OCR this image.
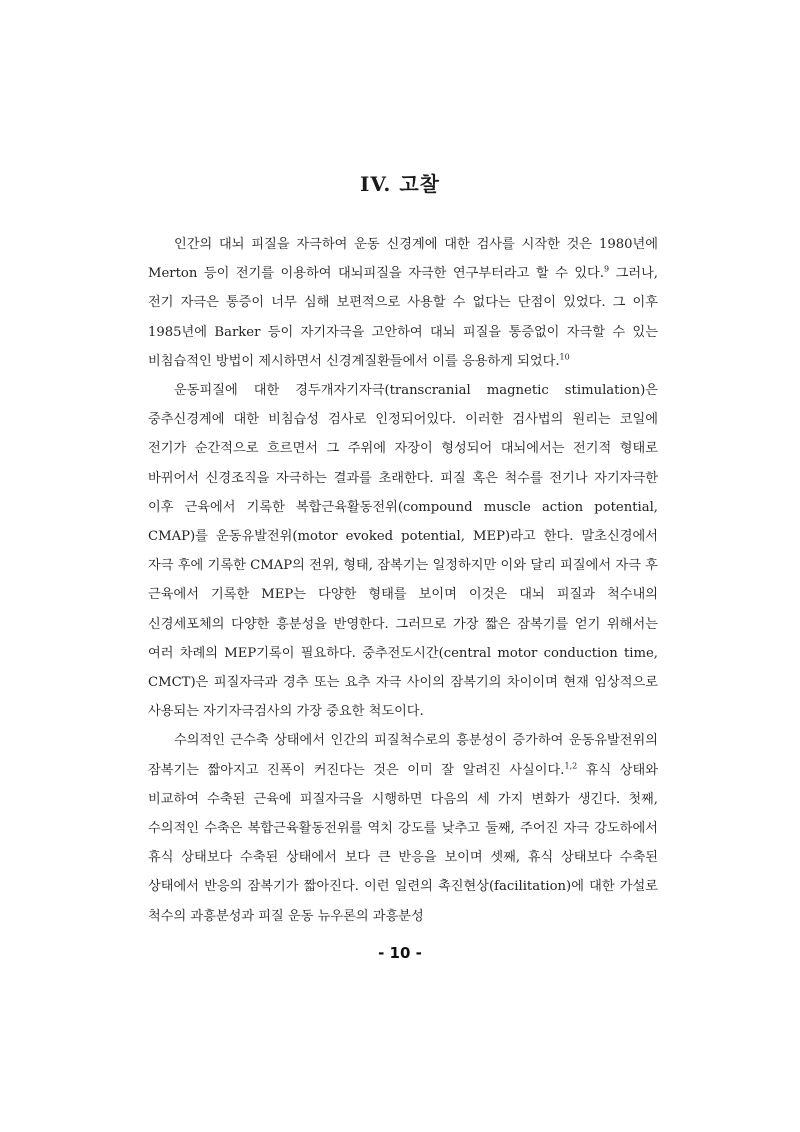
IV. 고찰

인간의 대뇌 피질을 자극하여 운동 신경계에 대한 검사를 시작한 것은 1980년에 Merton 등이 전기를 이용하여 대뇌피질을 자극한 연구부터라고 할 수 있다.$^9$ 그러나, 전기 자극은 통증이 너무 심해 보편적으로 사용할 수 없다는 단점이 있었다. 그 이후 1985년에 Barker 등이 자기자극을 고안하여 대뇌 피질을 통증없이 자극할 수 있는 비침습적인 방법이 제시하면서 신경계질환들에서 이를 응용하게 되었다.$^{10}$

운동피질에 대한 경두개자기자극(transcranial magnetic stimulation)은 중추신경계에 대한 비침습성 검사로 인정되어있다. 이러한 검사법의 원리는 코일에 전기가 순간적으로 흐르면서 그 주위에 자장이 형성되어 대뇌에서는 전기적 형태로 바뀌어서 신경조직을 자극하는 결과를 초래한다. 피질 혹은 척수를 전기나 자기자극한 이후 근육에서 기록한 복합근육활동전위(compound muscle action potential, CMAP)를 운동유발전위(motor evoked potential, MEP)라고 한다. 말초신경에서 자극 후에 기록한 CMAP의 전위, 형태, 잠복기는 일정하지만 이와 달리 피질에서 자극 후 근육에서 기록한 MEP는 다양한 형태를 보이며 이것은 대뇌 피질과 척수내의 신경세포체의 다양한 흥분성을 반영한다. 그러므로 가장 짧은 잠복기를 얻기 위해서는 여러 차례의 MEP기록이 필요하다. 중추전도시간(central motor conduction time, CMCT)은 피질자극과 경추 또는 요추 자극 사이의 잠복기의 차이이며 현재 임상적으로 사용되는 자기자극검사의 가장 중요한 척도이다.

수의적인 근수축 상태에서 인간의 피질척수로의 흥분성이 증가하여 운동유발전위의 잠복기는 짧아지고 진폭이 커진다는 것은 이미 잘 알려진 사실이다.$^{1,2}$ 휴식 상태와 비교하여 수축된 근육에 피질자극을 시행하면 다음의 세 가지 변화가 생긴다. 첫째, 수의적인 수축은 복합근육활동전위를 역치 강도를 낮추고 둘째, 주어진 자극 강도하에서 휴식 상태보다 수축된 상태에서 보다 큰 반응을 보이며 셋째, 휴식 상태보다 수축된 상태에서 반응의 잠복기가 짧아진다. 이런 일련의 촉진현상(facilitation)에 대한 가설로 척수의 과흥분성과 피질 운동 뉴우론의 과흥분성

- 10 -
